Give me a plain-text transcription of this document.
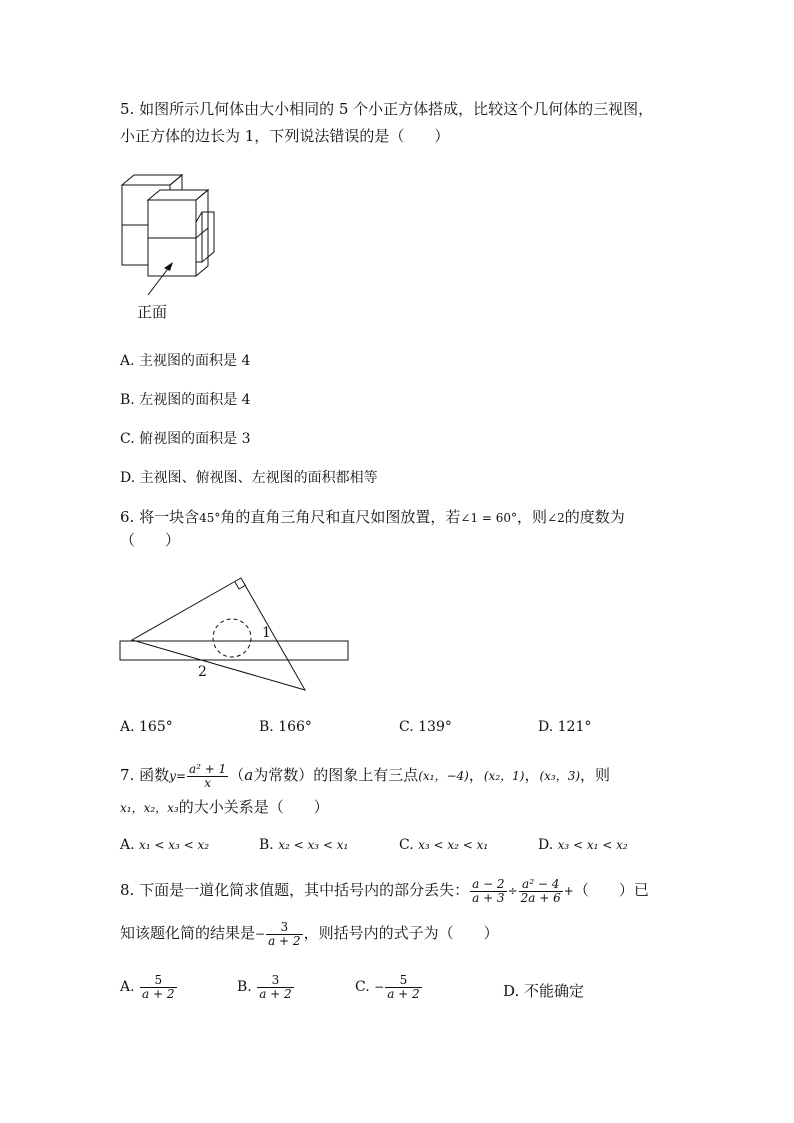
5. 如图所示几何体由大小相同的 5 个小正方体搭成，比较这个几何体的三视图，
小正方体的边长为 1，下列说法错误的是（　　）
正面
A. 主视图的面积是 4
B. 左视图的面积是 4
C. 俯视图的面积是 3
D. 主视图、俯视图、左视图的面积都相等
6. 将一块含45°角的直角三角尺和直尺如图放置，若∠1 = 60°，则∠2的度数为
（　　）
1
2
A. 165°	B. 166°	C. 139°	D. 121°
7. 函数$y= \frac{\text{a² + 1}}{x} (a$为常数）的图象上有三点(x₁，−4)，(x₂，1)，(x₃，3)，则
x₁，x₂，x₃的大小关系是（　　）
A. x₁ < x₃ < x₂	B. x₂ < x₃ < x₁	C. x₃ < x₂ < x₁	D. x₃ < x₁ < x₂
8. 下面是一道化简求值题，其中括号内的部分丢失： $\frac{a - 2}{a + 3} \div \frac{\text{a² − 4}}{2a + 6}$ +（　　）已
知该题化简的结果是− $\frac{3}{a + 2}$ ，则括号内的式子为（　　）
A. $\frac{5}{a + 2}$	B. $\frac{3}{a + 2}$	C. − $\frac{5}{a + 2}$	D. 不能确定
